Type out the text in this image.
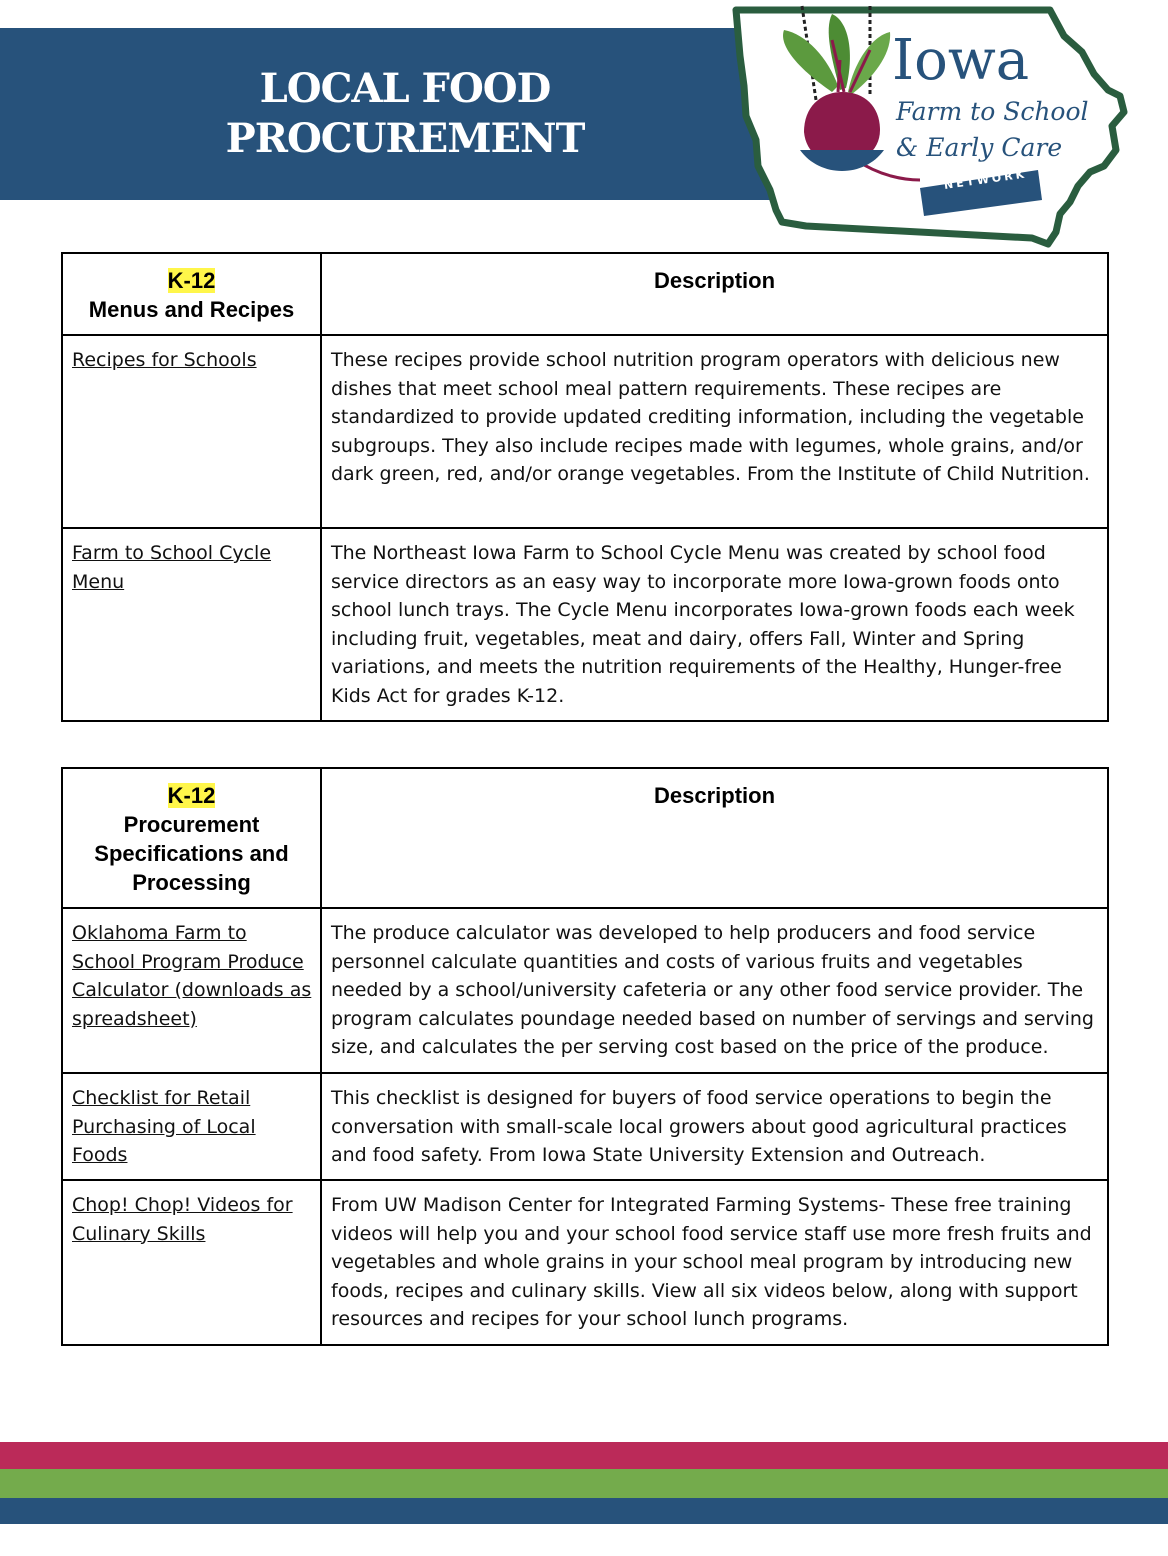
LOCAL FOOD
PROCUREMENT
Iowa
Farm to School
& Early Care
NETWORK
K-12
Menus and Recipes	Description
Recipes for Schools	These recipes provide school nutrition program operators with delicious new dishes that meet school meal pattern requirements. These recipes are standardized to provide updated crediting information, including the vegetable subgroups. They also include recipes made with legumes, whole grains, and/or dark green, red, and/or orange vegetables. From the Institute of Child Nutrition.
Farm to School Cycle Menu	The Northeast Iowa Farm to School Cycle Menu was created by school food service directors as an easy way to incorporate more Iowa-grown foods onto school lunch trays. The Cycle Menu incorporates Iowa-grown foods each week including fruit, vegetables, meat and dairy, offers Fall, Winter and Spring variations, and meets the nutrition requirements of the Healthy, Hunger-free Kids Act for grades K-12.
K-12
Procurement
Specifications and
Processing	Description
Oklahoma Farm to School Program Produce Calculator (downloads as spreadsheet)	The produce calculator was developed to help producers and food service personnel calculate quantities and costs of various fruits and vegetables needed by a school/university cafeteria or any other food service provider. The program calculates poundage needed based on number of servings and serving size, and calculates the per serving cost based on the price of the produce.
Checklist for Retail Purchasing of Local Foods	This checklist is designed for buyers of food service operations to begin the conversation with small-scale local growers about good agricultural practices and food safety. From Iowa State University Extension and Outreach.
Chop! Chop! Videos for Culinary Skills	From UW Madison Center for Integrated Farming Systems- These free training videos will help you and your school food service staff use more fresh fruits and vegetables and whole grains in your school meal program by introducing new foods, recipes and culinary skills. View all six videos below, along with support resources and recipes for your school lunch programs.
